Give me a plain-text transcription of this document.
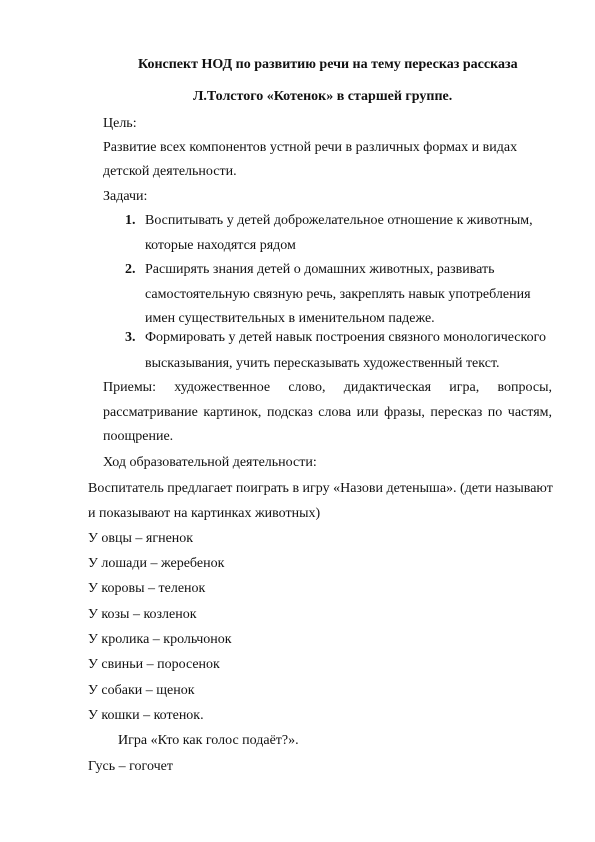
Конспект НОД по развитию речи на тему пересказ рассказа
Л.Толстого «Котенок» в старшей группе.
Цель:
Развитие всех компонентов устной речи в различных формах и видах
детской деятельности.
Задачи:
1. Воспитывать у детей доброжелательное отношение к животным,
которые находятся рядом
2. Расширять знания детей о домашних животных, развивать
самостоятельную связную речь, закреплять навык употребления
имен существительных в именительном падеже.
3. Формировать у детей навык построения связного монологического
высказывания, учить пересказывать художественный текст.
Приемы: художественное слово, дидактическая игра, вопросы,
рассматривание картинок, подсказ слова или фразы, пересказ по частям,
поощрение.
Ход образовательной деятельности:
Воспитатель предлагает поиграть в игру «Назови детеныша». (дети называют
и показывают на картинках животных)
У овцы – ягненок
У лошади – жеребенок
У коровы – теленок
У козы – козленок
У кролика – крольчонок
У свиньи – поросенок
У собаки – щенок
У кошки – котенок.
Игра «Кто как голос подаёт?».
Гусь – гогочет
